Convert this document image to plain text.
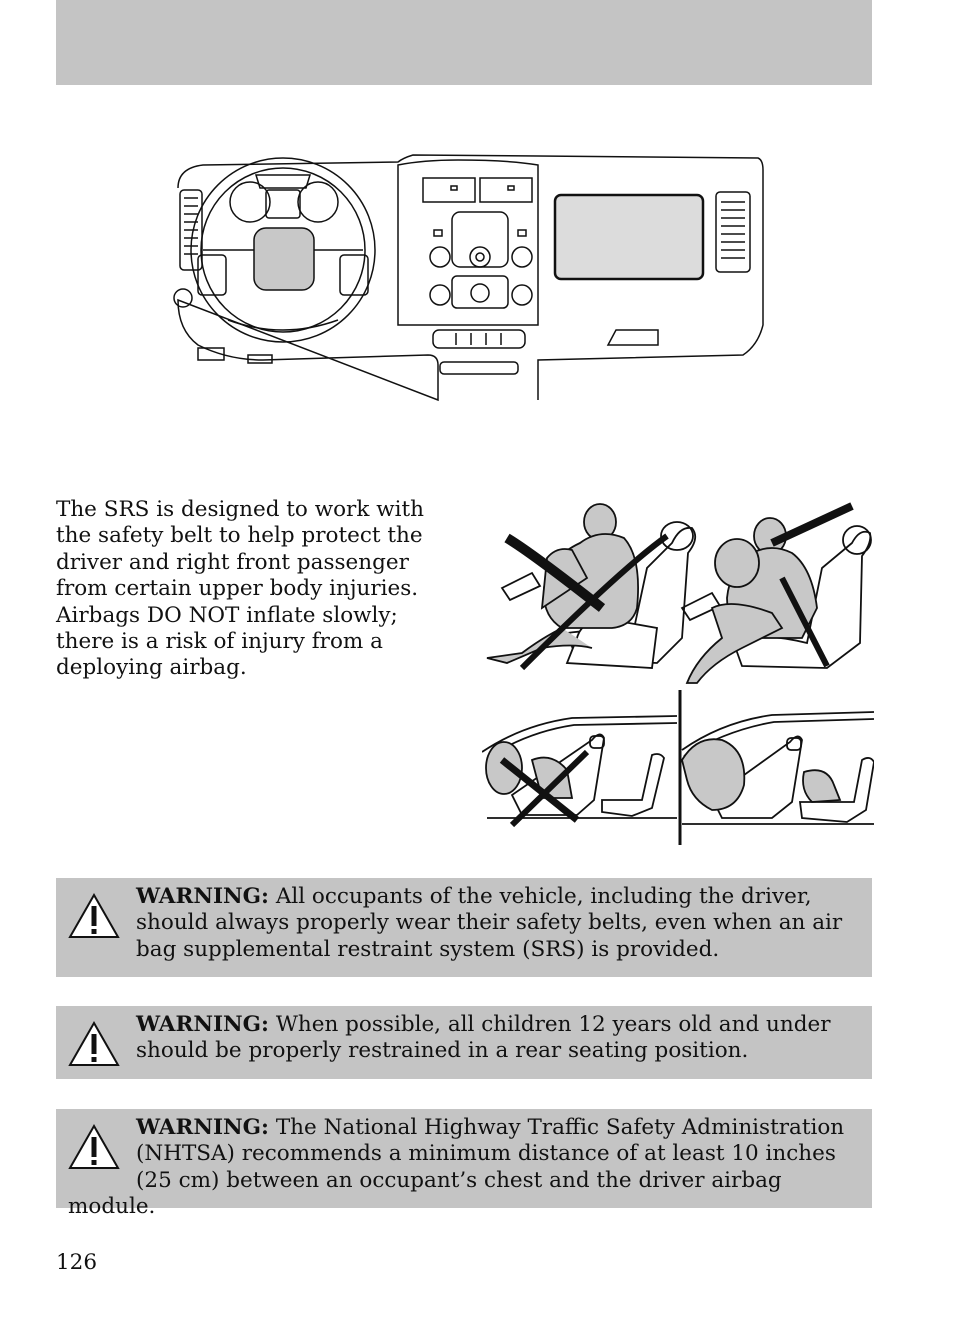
The SRS is designed to work with the safety belt to help protect the driver and right front passenger from certain upper body injuries. Airbags DO NOT inflate slowly; there is a risk of injury from a deploying airbag.

WARNING: All occupants of the vehicle, including the driver, should always properly wear their safety belts, even when an air bag supplemental restraint system (SRS) is provided.
WARNING: When possible, all children 12 years old and under should be properly restrained in a rear seating position.
WARNING: The National Highway Traffic Safety Administration (NHTSA) recommends a minimum distance of at least 10 inches (25 cm) between an occupant’s chest and the driver airbag module.
126
